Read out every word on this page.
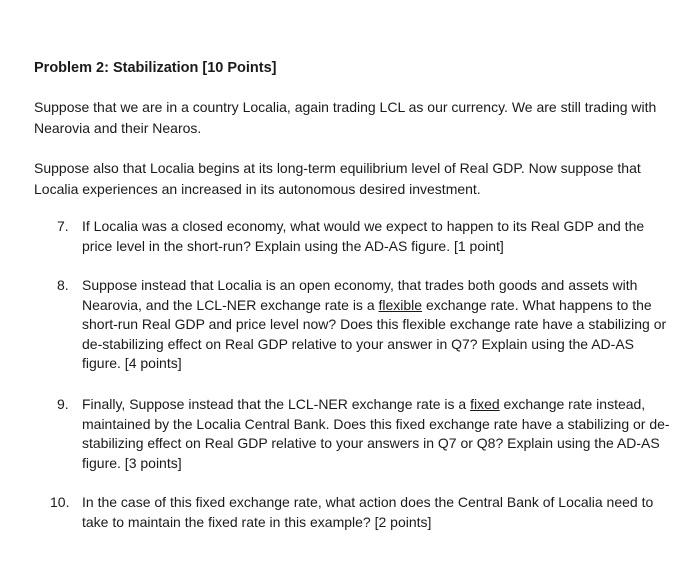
Problem 2: Stabilization [10 Points]
Suppose that we are in a country Localia, again trading LCL as our currency. We are still trading with Nearovia and their Nearos.
Suppose also that Localia begins at its long-term equilibrium level of Real GDP. Now suppose that Localia experiences an increased in its autonomous desired investment.
7. If Localia was a closed economy, what would we expect to happen to its Real GDP and the price level in the short-run? Explain using the AD-AS figure. [1 point]
8. Suppose instead that Localia is an open economy, that trades both goods and assets with Nearovia, and the LCL-NER exchange rate is a flexible exchange rate. What happens to the short-run Real GDP and price level now? Does this flexible exchange rate have a stabilizing or de-stabilizing effect on Real GDP relative to your answer in Q7? Explain using the AD-AS figure. [4 points]
9. Finally, Suppose instead that the LCL-NER exchange rate is a fixed exchange rate instead, maintained by the Localia Central Bank. Does this fixed exchange rate have a stabilizing or de-stabilizing effect on Real GDP relative to your answers in Q7 or Q8? Explain using the AD-AS figure. [3 points]
10. In the case of this fixed exchange rate, what action does the Central Bank of Localia need to take to maintain the fixed rate in this example? [2 points]
